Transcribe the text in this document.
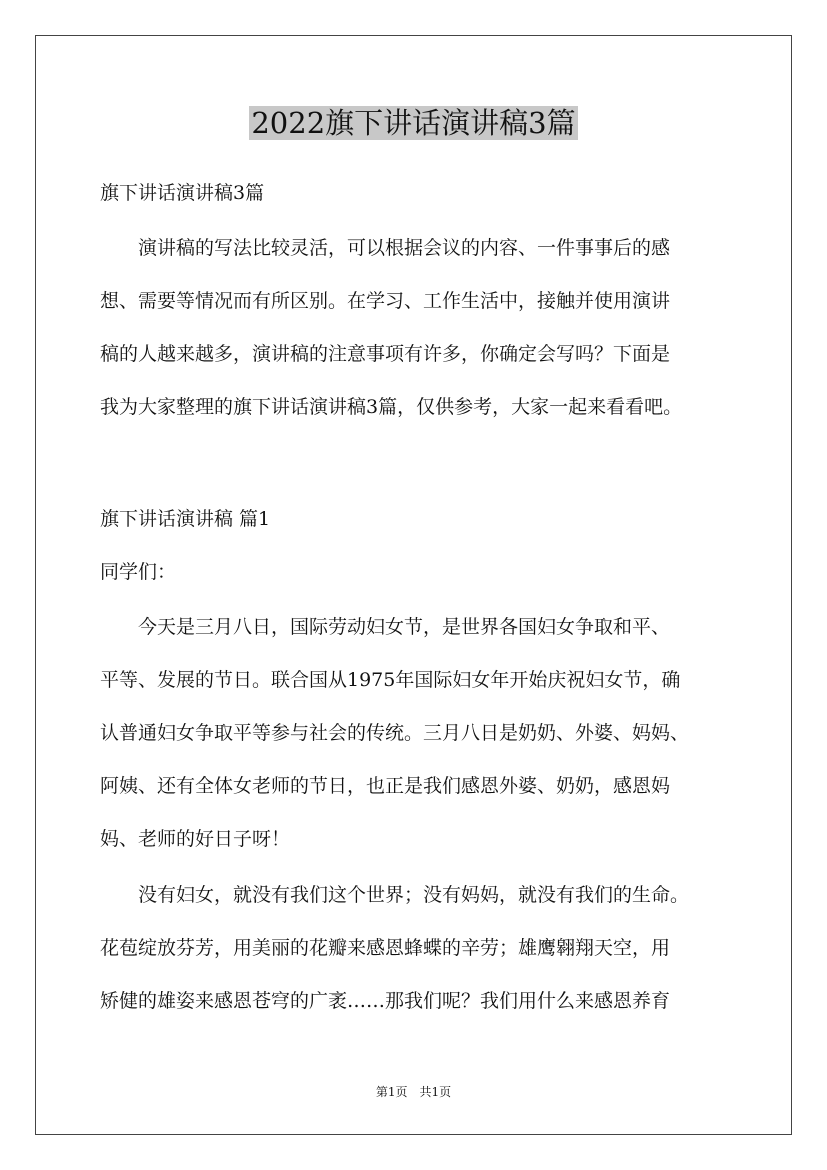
2022旗下讲话演讲稿3篇
旗下讲话演讲稿3篇
　　演讲稿的写法比较灵活，可以根据会议的内容、一件事事后的感
想、需要等情况而有所区别。在学习、工作生活中，接触并使用演讲
稿的人越来越多，演讲稿的注意事项有许多，你确定会写吗？下面是
我为大家整理的旗下讲话演讲稿3篇，仅供参考，大家一起来看看吧。
旗下讲话演讲稿 篇1
同学们：
　　今天是三月八日，国际劳动妇女节，是世界各国妇女争取和平、
平等、发展的节日。联合国从1975年国际妇女年开始庆祝妇女节，确
认普通妇女争取平等参与社会的传统。三月八日是奶奶、外婆、妈妈、
阿姨、还有全体女老师的节日，也正是我们感恩外婆、奶奶，感恩妈
妈、老师的好日子呀！
　　没有妇女，就没有我们这个世界；没有妈妈，就没有我们的生命。
花苞绽放芬芳，用美丽的花瓣来感恩蜂蝶的辛劳；雄鹰翱翔天空，用
矫健的雄姿来感恩苍穹的广袤……那我们呢？我们用什么来感恩养育
第1页　共1页
